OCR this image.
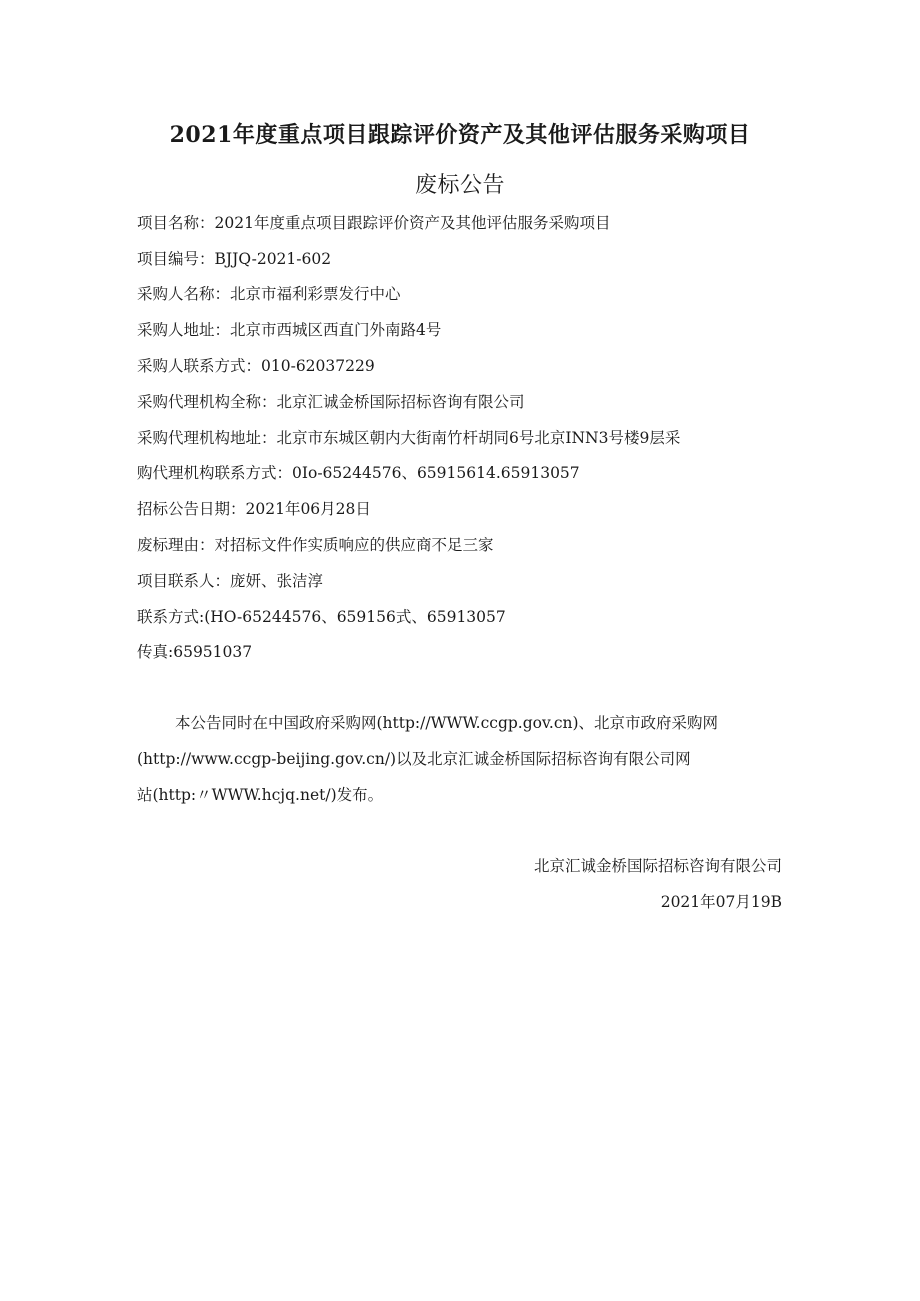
2021年度重点项目跟踪评价资产及其他评估服务采购项目
废标公告
项目名称：2021年度重点项目跟踪评价资产及其他评估服务采购项目
项目编号：BJJQ-2021-602
采购人名称：北京市福利彩票发行中心
采购人地址：北京市西城区西直门外南路4号
采购人联系方式：010-62037229
采购代理机构全称：北京汇诚金桥国际招标咨询有限公司
采购代理机构地址：北京市东城区朝内大街南竹杆胡同6号北京INN3号楼9层采
购代理机构联系方式：0Io-65244576、65915614.65913057
招标公告日期：2021年06月28日
废标理由：对招标文件作实质响应的供应商不足三家
项目联系人：庞妍、张洁淳
联系方式:(HO-65244576、659156式、65913057
传真:65951037
本公告同时在中国政府采购网(http://WWW.ccgp.gov.cn)、北京市政府采购网
(http://www.ccgp-beijing.gov.cn/)以及北京汇诚金桥国际招标咨询有限公司网
站(http:〃WWW.hcjq.net/)发布。
北京汇诚金桥国际招标咨询有限公司
2021年07月19B
